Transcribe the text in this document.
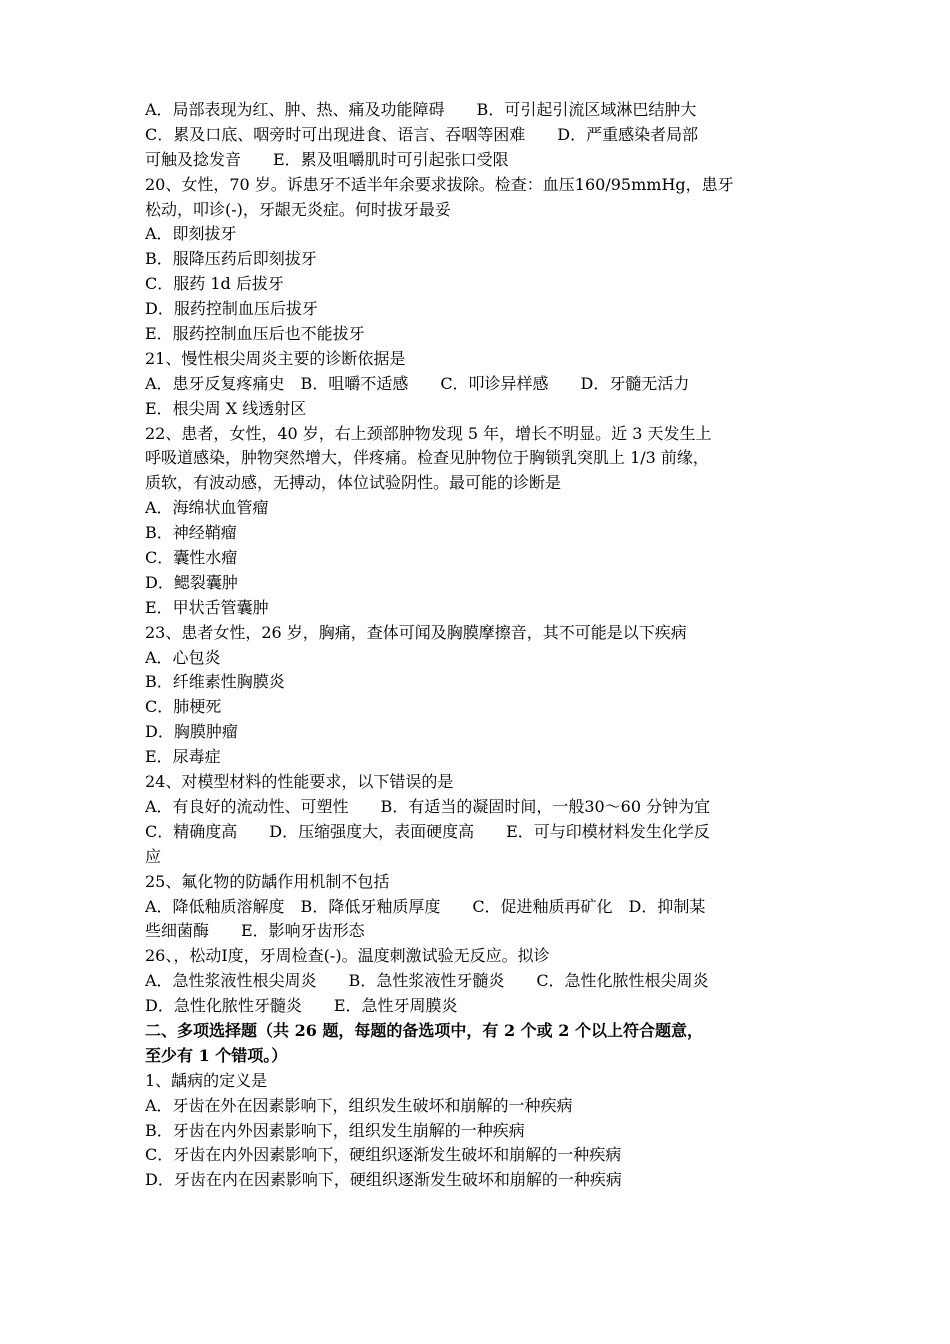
A．局部表现为红、肿、热、痛及功能障碍　　B．可引起引流区域淋巴结肿大
C．累及口底、咽旁时可出现进食、语言、吞咽等困难　　D．严重感染者局部
可触及捻发音　　E．累及咀嚼肌时可引起张口受限
20、女性，70 岁。诉患牙不适半年余要求拔除。检查：血压160/95mmHg，患牙
松动，叩诊(-)，牙龈无炎症。何时拔牙最妥
A．即刻拔牙
B．服降压药后即刻拔牙
C．服药 1d 后拔牙
D．服药控制血压后拔牙
E．服药控制血压后也不能拔牙
21、慢性根尖周炎主要的诊断依据是
A．患牙反复疼痛史　B．咀嚼不适感　　C．叩诊异样感　　D．牙髓无活力
E．根尖周 X 线透射区
22、患者，女性，40 岁，右上颈部肿物发现 5 年，增长不明显。近 3 天发生上
呼吸道感染，肿物突然增大，伴疼痛。检查见肿物位于胸锁乳突肌上 1/3 前缘，
质软，有波动感，无搏动，体位试验阴性。最可能的诊断是
A．海绵状血管瘤
B．神经鞘瘤
C．囊性水瘤
D．鳃裂囊肿
E．甲状舌管囊肿
23、患者女性，26 岁，胸痛，查体可闻及胸膜摩擦音，其不可能是以下疾病
A．心包炎
B．纤维素性胸膜炎
C．肺梗死
D．胸膜肿瘤
E．尿毒症
24、对模型材料的性能要求，以下错误的是
A．有良好的流动性、可塑性　　B．有适当的凝固时间，一般30～60 分钟为宜
C．精确度高　　D．压缩强度大，表面硬度高　　E．可与印模材料发生化学反
应
25、氟化物的防龋作用机制不包括
A．降低釉质溶解度　B．降低牙釉质厚度　　C．促进釉质再矿化　D．抑制某
些细菌酶　　E．影响牙齿形态
26、，松动Ⅰ度，牙周检查(-)。温度刺激试验无反应。拟诊
A．急性浆液性根尖周炎　　B．急性浆液性牙髓炎　　C．急性化脓性根尖周炎
D．急性化脓性牙髓炎　　E．急性牙周膜炎
二、多项选择题（共 26 题，每题的备选项中，有 2 个或 2 个以上符合题意，
至少有 1 个错项。）
1、龋病的定义是
A．牙齿在外在因素影响下，组织发生破坏和崩解的一种疾病
B．牙齿在内外因素影响下，组织发生崩解的一种疾病
C．牙齿在内外因素影响下，硬组织逐渐发生破坏和崩解的一种疾病
D．牙齿在内在因素影响下，硬组织逐渐发生破坏和崩解的一种疾病
